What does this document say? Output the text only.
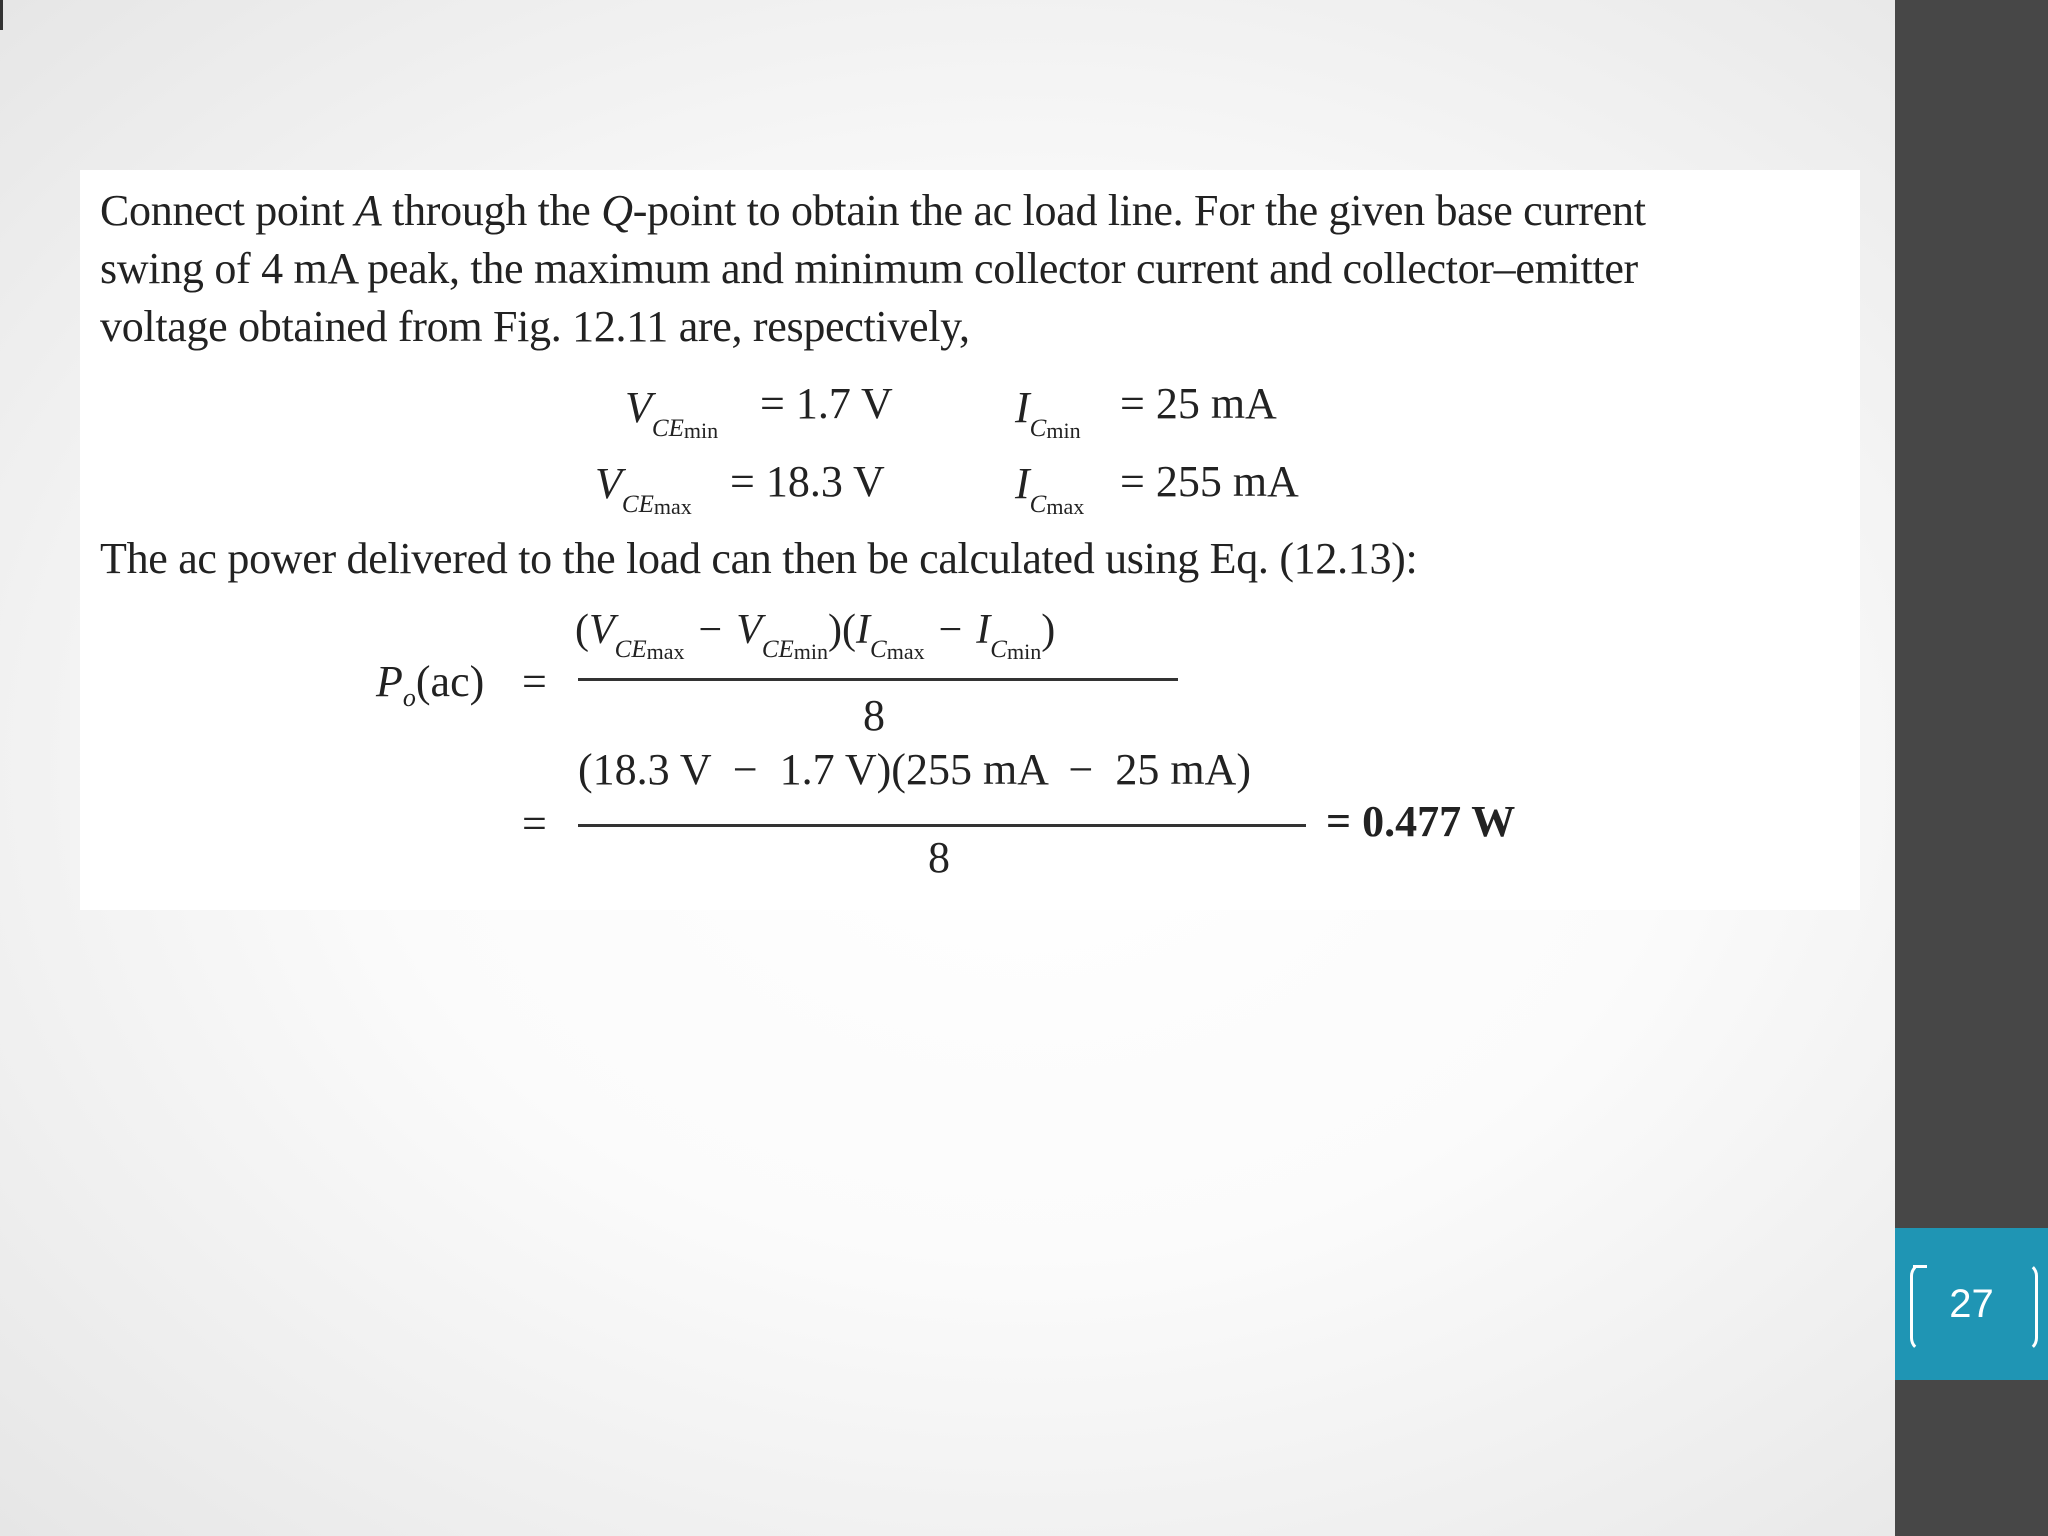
Connect point A through the Q-point to obtain the ac load line. For the given base current
swing of 4 mA peak, the maximum and minimum collector current and collector–emitter
voltage obtained from Fig. 12.11 are, respectively,
$V_{CEmin}$
= 1.7 V	$I_{Cmin}$
= 25 mA
$V_{CEmax}$
= 18.3 V	$I_{Cmax}$
= 255 mA
The ac power delivered to the load can then be calculated using Eq. (12.13):
$P_o(ac)$ =
$(V_{CEmax} - V_{CEmin})(I_{Cmax} - I_{Cmin})$
8
=
(18.3 V  −  1.7 V)(255 mA  −  25 mA)
8
= 0.477 W
27
